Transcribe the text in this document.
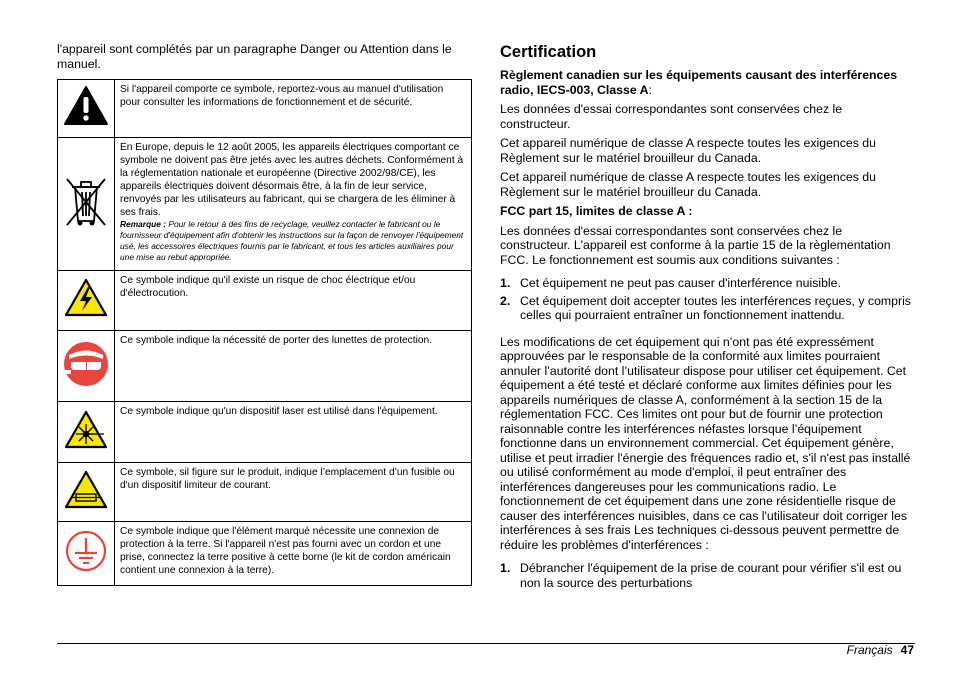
l'appareil sont complétés par un paragraphe Danger ou Attention dans le manuel.

	Si l'appareil comporte ce symbole, reportez-vous au manuel d'utilisation pour consulter les informations de fonctionnement et de sécurité.
	En Europe, depuis le 12 août 2005, les appareils électriques comportant ce symbole ne doivent pas être jetés avec les autres déchets. Conformément à la réglementation nationale et européenne (Directive 2002/98/CE), les appareils électriques doivent désormais être, à la fin de leur service, renvoyés par les utilisateurs au fabricant, qui se chargera de les éliminer à ses frais.
Remarque : Pour le retour à des fins de recyclage, veuillez contacter le fabricant ou le fournisseur d'équipement afin d'obtenir les instructions sur la façon de renvoyer l'équipement usé, les accessoires électriques fournis par le fabricant, et tous les articles auxiliaires pour une mise au rebut appropriée.

	Ce symbole indique qu'il existe un risque de choc électrique et/ou d'électrocution.
	Ce symbole indique la nécessité de porter des lunettes de protection.
	Ce symbole indique qu'un dispositif laser est utilisé dans l'équipement.
	Ce symbole, sil figure sur le produit, indique l’emplacement d’un fusible ou d'un dispositif limiteur de courant.
	Ce symbole indique que l'élément marqué nécessite une connexion de protection à la terre. Si l'appareil n'est pas fourni avec un cordon et une prise, connectez la terre positive à cette borne (le kit de cordon américain contient une connexion à la terre).
Certification
Règlement canadien sur les équipements causant des interférences radio, IECS-003, Classe A:

Les données d'essai correspondantes sont conservées chez le constructeur.

Cet appareil numérique de classe A respecte toutes les exigences du Règlement sur le matériel brouilleur du Canada.

Cet appareil numérique de classe A respecte toutes les exigences du Règlement sur le matériel brouilleur du Canada.

FCC part 15, limites de classe A :

Les données d'essai correspondantes sont conservées chez le constructeur. L'appareil est conforme à la partie 15 de la règlementation FCC. Le fonctionnement est soumis aux conditions suivantes :

1. Cet équipement ne peut pas causer d'interférence nuisible.
2. Cet équipement doit accepter toutes les interférences reçues, y compris celles qui pourraient entraîner un fonctionnement inattendu.

Les modifications de cet équipement qui n’ont pas été expressément approuvées par le responsable de la conformité aux limites pourraient annuler l’autorité dont l’utilisateur dispose pour utiliser cet équipement. Cet équipement a été testé et déclaré conforme aux limites définies pour les appareils numériques de classe A, conformément à la section 15 de la réglementation FCC. Ces limites ont pour but de fournir une protection raisonnable contre les interférences néfastes lorsque l’équipement fonctionne dans un environnement commercial. Cet équipement génère, utilise et peut irradier l'énergie des fréquences radio et, s'il n'est pas installé ou utilisé conformément au mode d'emploi, il peut entraîner des interférences dangereuses pour les communications radio. Le fonctionnement de cet équipement dans une zone résidentielle risque de causer des interférences nuisibles, dans ce cas l'utilisateur doit corriger les interférences à ses frais Les techniques ci-dessous peuvent permettre de réduire les problèmes d'interférences :

1. Débrancher l'équipement de la prise de courant pour vérifier s'il est ou non la source des perturbations
Français 47
